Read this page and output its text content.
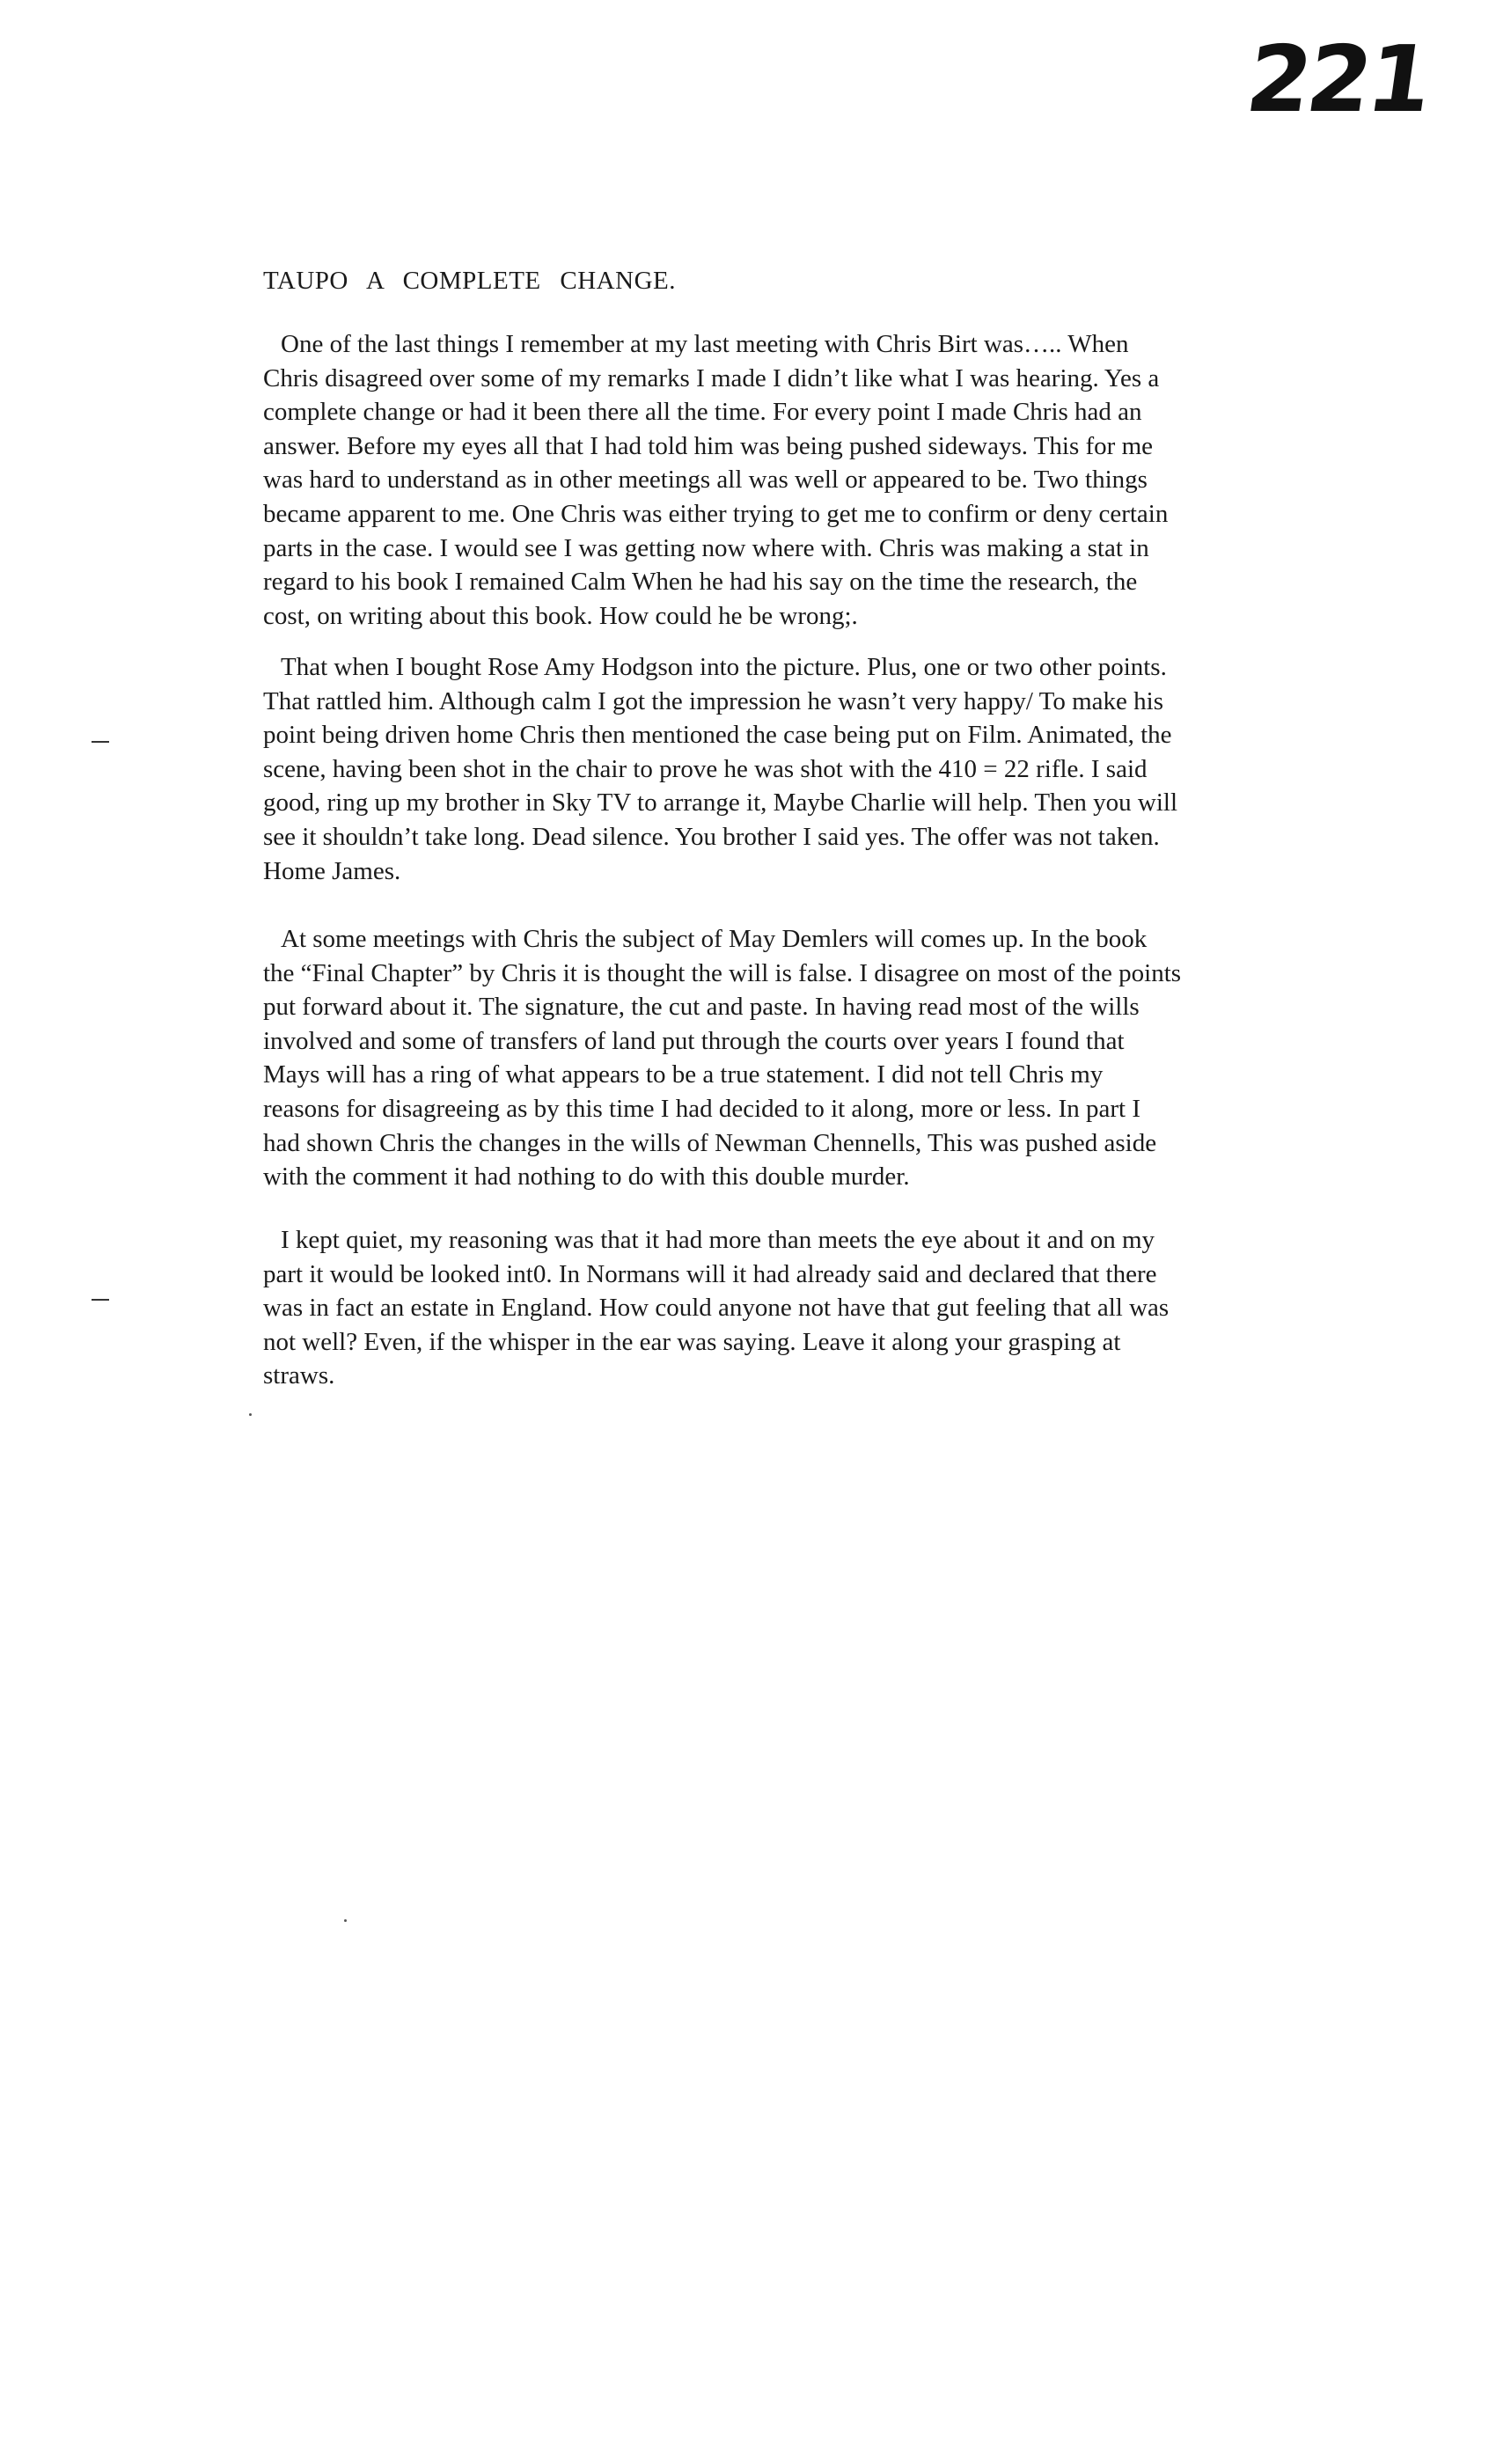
221
TAUPO A COMPLETE CHANGE.

One of the last things I remember at my last meeting with Chris Birt was….. When
Chris disagreed over some of my remarks I made I didn’t like what I was hearing. Yes a
complete change or had it been there all the time. For every point I made Chris had an
answer. Before my eyes all that I had told him was being pushed sideways. This for me
was hard to understand as in other meetings all was well or appeared to be. Two things
became apparent to me. One Chris was either trying to get me to confirm or deny certain
parts in the case. I would see I was getting now where with. Chris was making a stat in
regard to his book I remained Calm When he had his say on the time the research, the
cost, on writing about this book. How could he be wrong;.

That when I bought Rose Amy Hodgson into the picture. Plus, one or two other points.
That rattled him. Although calm I got the impression he wasn’t very happy/ To make his
point being driven home Chris then mentioned the case being put on Film. Animated, the
scene, having been shot in the chair to prove he was shot with the 410 = 22 rifle. I said
good, ring up my brother in Sky TV to arrange it, Maybe Charlie will help. Then you will
see it shouldn’t take long. Dead silence. You brother I said yes. The offer was not taken.
Home James.

At some meetings with Chris the subject of May Demlers will comes up. In the book
the “Final Chapter” by Chris it is thought the will is false. I disagree on most of the points
put forward about it. The signature, the cut and paste. In having read most of the wills
involved and some of transfers of land put through the courts over years I found that
Mays will has a ring of what appears to be a true statement. I did not tell Chris my
reasons for disagreeing as by this time I had decided to it along, more or less. In part I
had shown Chris the changes in the wills of Newman Chennells, This was pushed aside
with the comment it had nothing to do with this double murder.

I kept quiet, my reasoning was that it had more than meets the eye about it and on my
part it would be looked int0. In Normans will it had already said and declared that there
was in fact an estate in England. How could anyone not have that gut feeling that all was
not well? Even, if the whisper in the ear was saying. Leave it along your grasping at
straws.
